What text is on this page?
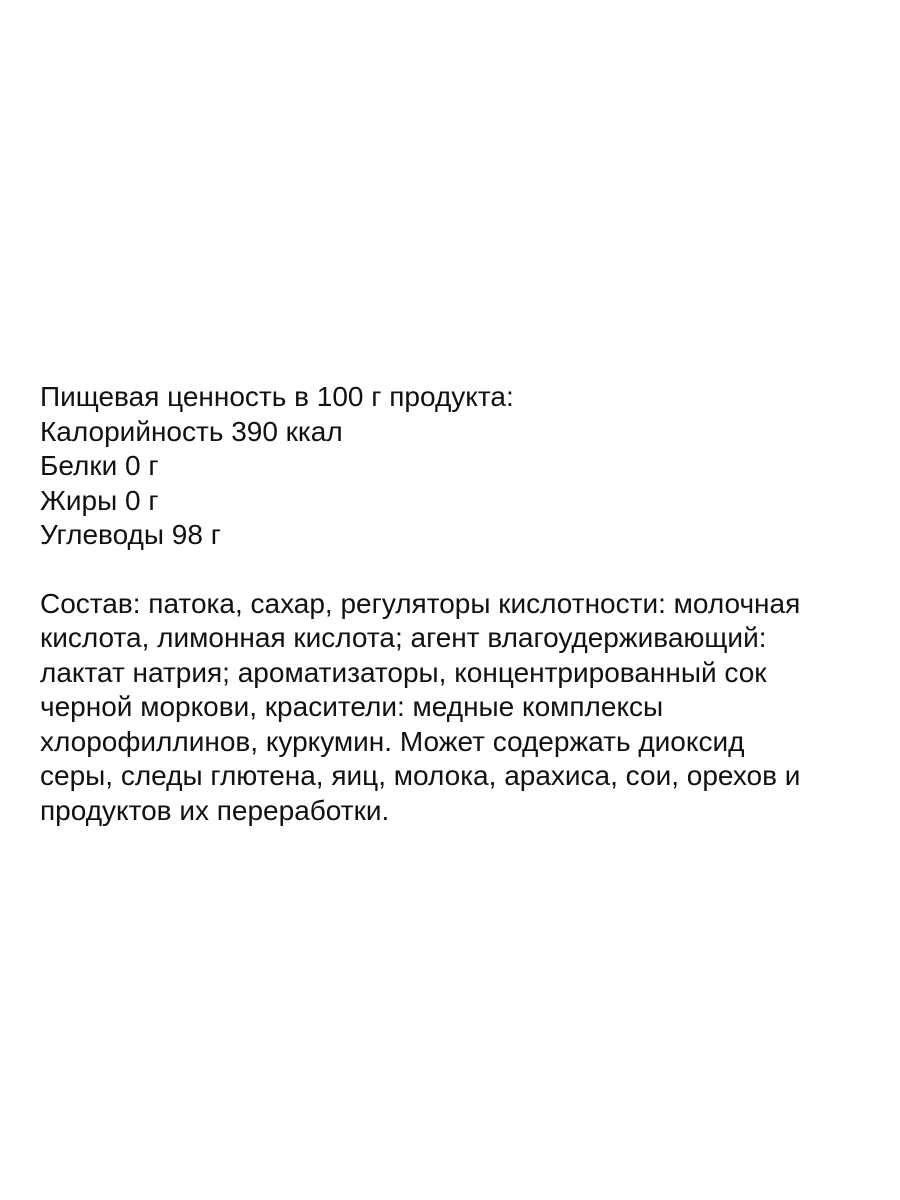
Пищевая ценность в 100 г продукта:
Калорийность 390 ккал
Белки 0 г
Жиры 0 г
Углеводы 98 г
Состав: патока, сахар, регуляторы кислотности: молочная
кислота, лимонная кислота; агент влагоудерживающий:
лактат натрия; ароматизаторы, концентрированный сок
черной моркови, красители: медные комплексы
хлорофиллинов, куркумин. Может содержать диоксид
серы, следы глютена, яиц, молока, арахиса, сои, орехов и
продуктов их переработки.
